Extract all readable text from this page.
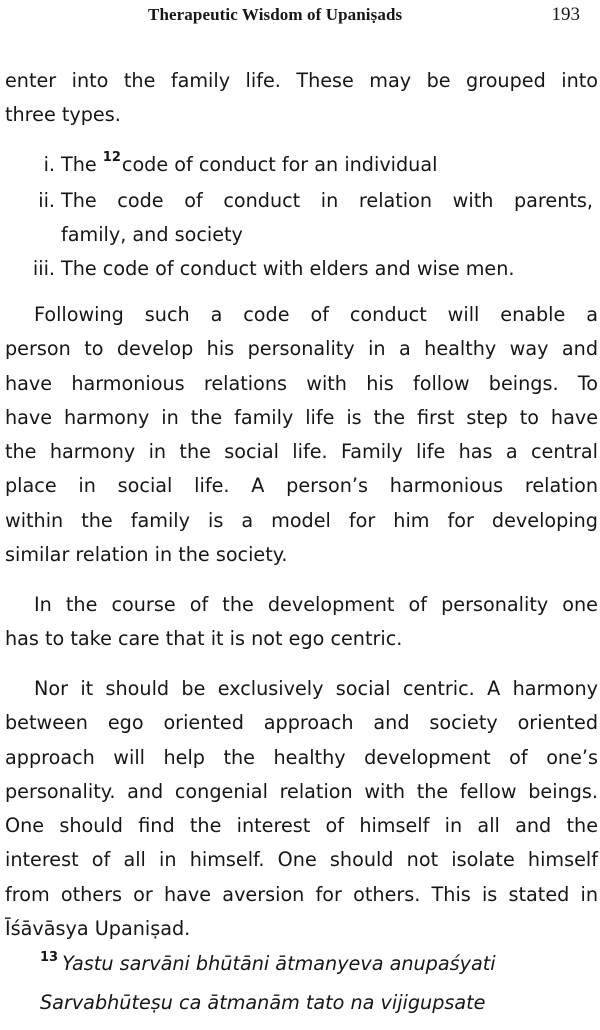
Therapeutic Wisdom of Upaniṣads	193
enter into the family life. These may be grouped into
three types.
i. The $^{12}$code of conduct for an individual
ii. The code of conduct in relation with parents,
family, and society
iii. The code of conduct with elders and wise men.
Following such a code of conduct will enable a
person to develop his personality in a healthy way and
have harmonious relations with his follow beings. To
have harmony in the family life is the first step to have
the harmony in the social life. Family life has a central
place in social life. A person’s harmonious relation
within the family is a model for him for developing
similar relation in the society.
In the course of the development of personality one
has to take care that it is not ego centric.
Nor it should be exclusively social centric. A harmony
between ego oriented approach and society oriented
approach will help the healthy development of one’s
personality. and congenial relation with the fellow beings.
One should find the interest of himself in all and the
interest of all in himself. One should not isolate himself
from others or have aversion for others. This is stated in
Īśāvāsya Upaniṣad.
$^{13}$ Yastu sarvāni bhūtāni ātmanyeva anupaśyati
Sarvabhūteṣu ca ātmanām tato na vijigupsate
